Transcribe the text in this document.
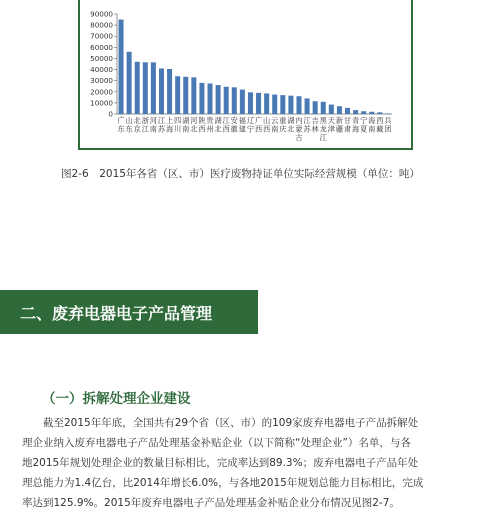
0
10000
20000
30000
40000
50000
60000
70000
80000
90000
广
东
山
东
北
京
浙
江
河
南
江
苏
上
海
四
川
湖
南
河
北
陕
西
贵
州
湖
北
江
西
安
徽
福
建
辽
宁
广
西
山
西
云
南
重
庆
湖
北
内
蒙
古
江
苏
吉
林
黑
龙
江
天
津
新
疆
甘
肃
青
海
宁
夏
海
南
西
藏
兵
团
图2-6　2015年各省（区、市）医疗废物持证单位实际经营规模（单位：吨）
二、废弃电器电子产品管理
（一）拆解处理企业建设
截至2015年年底，全国共有29个省（区、市）的109家废弃电器电子产品拆解处
理企业纳入废弃电器电子产品处理基金补贴企业（以下简称“处理企业”）名单，与各
地2015年规划处理企业的数量目标相比，完成率达到89.3%；废弃电器电子产品年处
理总能力为1.4亿台，比2014年增长6.0%，与各地2015年规划总能力目标相比，完成
率达到125.9%。2015年废弃电器电子产品处理基金补贴企业分布情况见图2-7。
